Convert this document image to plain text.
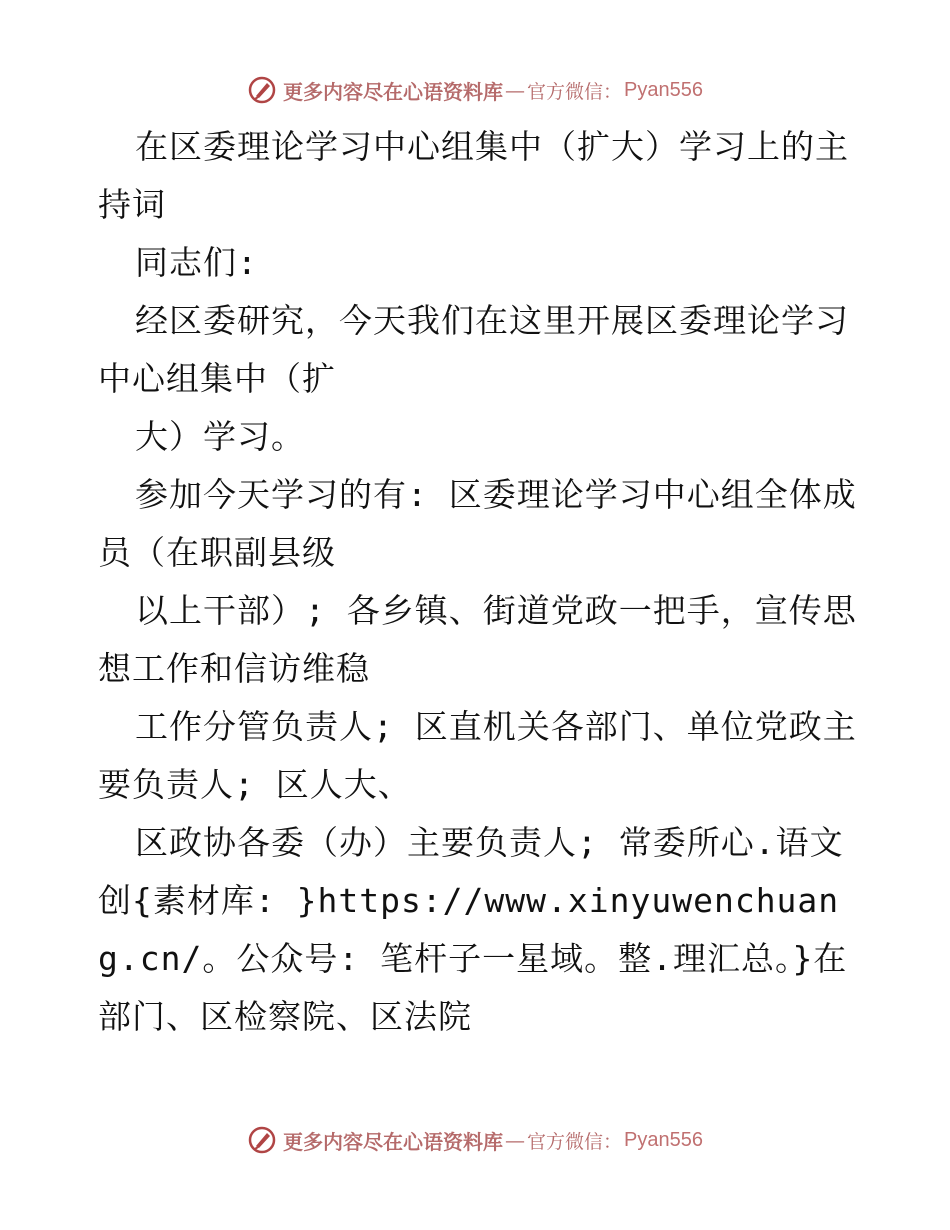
更多内容尽在心语资料库 — 官方微信： Pyan556

在区委理论学习中心组集中（扩大）学习上的主持词

同志们:

经区委研究，今天我们在这里开展区委理论学习中心组集中（扩

大）学习。

参加今天学习的有: 区委理论学习中心组全体成员（在职副县级

以上干部）; 各乡镇、街道党政一把手，宣传思想工作和信访维稳

工作分管负责人; 区直机关各部门、单位党政主要负责人; 区人大、

区政协各委（办）主要负责人; 常委所心.语文创{素材库: }https://www.xinyuwenchuang.cn/。公众号: 笔杆子一星域。整.理汇总。}在部门、区检察院、区法院

更多内容尽在心语资料库 — 官方微信： Pyan556
